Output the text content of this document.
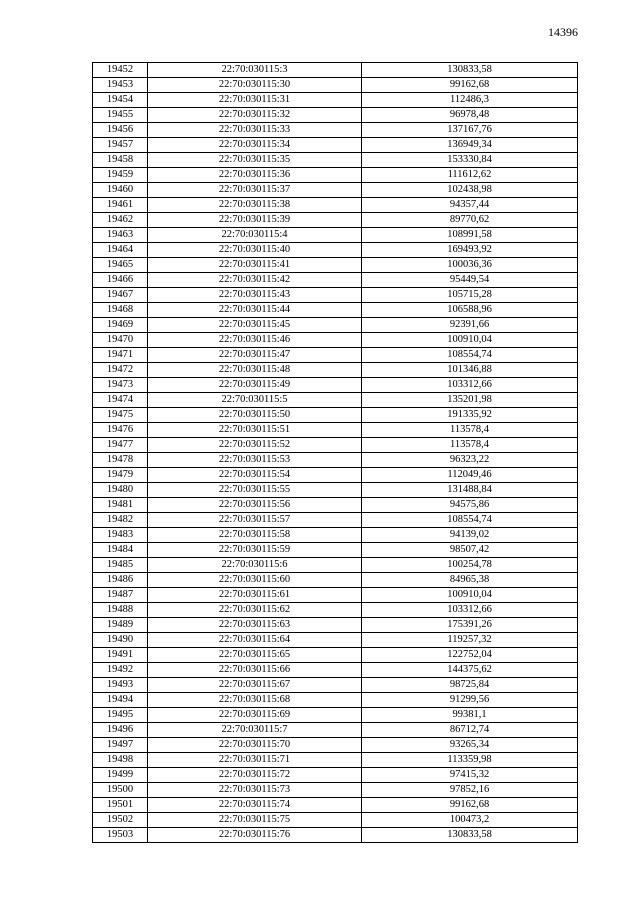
14396
19452	22:70:030115:3	130833,58
19453	22:70:030115:30	99162,68
19454	22:70:030115:31	112486,3
19455	22:70:030115:32	96978,48
19456	22:70:030115:33	137167,76
19457	22:70:030115:34	136949,34
19458	22:70:030115:35	153330,84
19459	22:70:030115:36	111612,62
19460	22:70:030115:37	102438,98
19461	22:70:030115:38	94357,44
19462	22:70:030115:39	89770,62
19463	22:70:030115:4	108991,58
19464	22:70:030115:40	169493,92
19465	22:70:030115:41	100036,36
19466	22:70:030115:42	95449,54
19467	22:70:030115:43	105715,28
19468	22:70:030115:44	106588,96
19469	22:70:030115:45	92391,66
19470	22:70:030115:46	100910,04
19471	22:70:030115:47	108554,74
19472	22:70:030115:48	101346,88
19473	22:70:030115:49	103312,66
19474	22:70:030115:5	135201,98
19475	22:70:030115:50	191335,92
19476	22:70:030115:51	113578,4
19477	22:70:030115:52	113578,4
19478	22:70:030115:53	96323,22
19479	22:70:030115:54	112049,46
19480	22:70:030115:55	131488,84
19481	22:70:030115:56	94575,86
19482	22:70:030115:57	108554,74
19483	22:70:030115:58	94139,02
19484	22:70:030115:59	98507,42
19485	22:70:030115:6	100254,78
19486	22:70:030115:60	84965,38
19487	22:70:030115:61	100910,04
19488	22:70:030115:62	103312,66
19489	22:70:030115:63	175391,26
19490	22:70:030115:64	119257,32
19491	22:70:030115:65	122752,04
19492	22:70:030115:66	144375,62
19493	22:70:030115:67	98725,84
19494	22:70:030115:68	91299,56
19495	22:70:030115:69	99381,1
19496	22:70:030115:7	86712,74
19497	22:70:030115:70	93265,34
19498	22:70:030115:71	113359,98
19499	22:70:030115:72	97415,32
19500	22:70:030115:73	97852,16
19501	22:70:030115:74	99162,68
19502	22:70:030115:75	100473,2
19503	22:70:030115:76	130833,58
